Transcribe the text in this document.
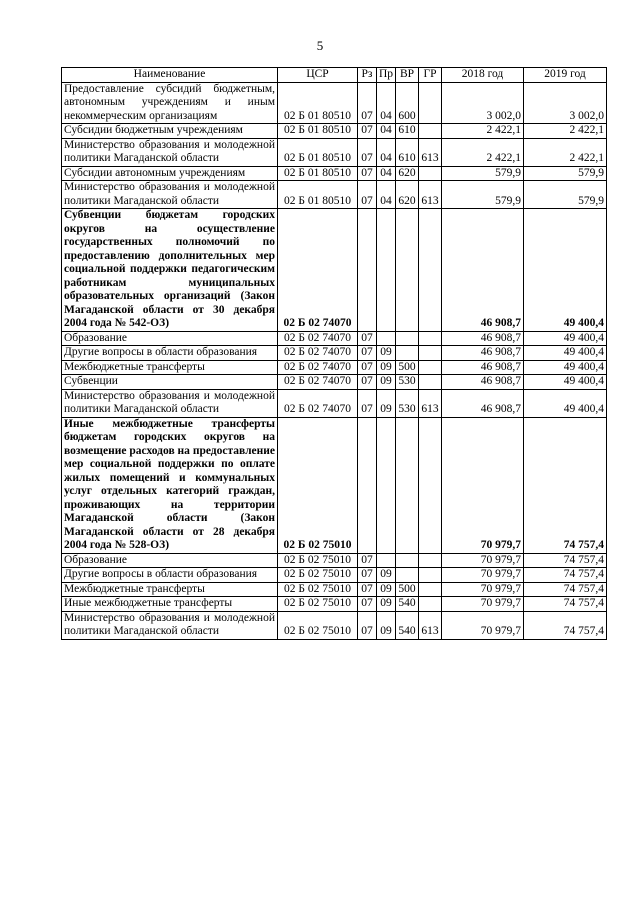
5
Наименование	ЦСР	Рз	Пр	ВР	ГР	2018 год	2019 год
Предоставление субсидий бюджетным, автономным учреждениям и иным некоммерческим организациям	02 Б 01 80510	07	04	600		3 002,0	3 002,0
Субсидии бюджетным учреждениям	02 Б 01 80510	07	04	610		2 422,1	2 422,1
Министерство образования и молодежной политики Магаданской области	02 Б 01 80510	07	04	610	613	2 422,1	2 422,1
Субсидии автономным учреждениям	02 Б 01 80510	07	04	620		579,9	579,9
Министерство образования и молодежной политики Магаданской области	02 Б 01 80510	07	04	620	613	579,9	579,9
Субвенции бюджетам городских округов на осуществление государственных полномочий по предоставлению дополнительных мер социальной поддержки педагогическим работникам муниципальных образовательных организаций (Закон Магаданской области от 30 декабря 2004 года № 542-ОЗ)	02 Б 02 74070					46 908,7	49 400,4
Образование	02 Б 02 74070	07				46 908,7	49 400,4
Другие вопросы в области образования	02 Б 02 74070	07	09			46 908,7	49 400,4
Межбюджетные трансферты	02 Б 02 74070	07	09	500		46 908,7	49 400,4
Субвенции	02 Б 02 74070	07	09	530		46 908,7	49 400,4
Министерство образования и молодежной политики Магаданской области	02 Б 02 74070	07	09	530	613	46 908,7	49 400,4
Иные межбюджетные трансферты бюджетам городских округов на возмещение расходов на предоставление мер социальной поддержки по оплате жилых помещений и коммунальных услуг отдельных категорий граждан, проживающих на территории Магаданской области (Закон Магаданской области от 28 декабря 2004 года № 528-ОЗ)	02 Б 02 75010					70 979,7	74 757,4
Образование	02 Б 02 75010	07				70 979,7	74 757,4
Другие вопросы в области образования	02 Б 02 75010	07	09			70 979,7	74 757,4
Межбюджетные трансферты	02 Б 02 75010	07	09	500		70 979,7	74 757,4
Иные межбюджетные трансферты	02 Б 02 75010	07	09	540		70 979,7	74 757,4
Министерство образования и молодежной политики Магаданской области	02 Б 02 75010	07	09	540	613	70 979,7	74 757,4
